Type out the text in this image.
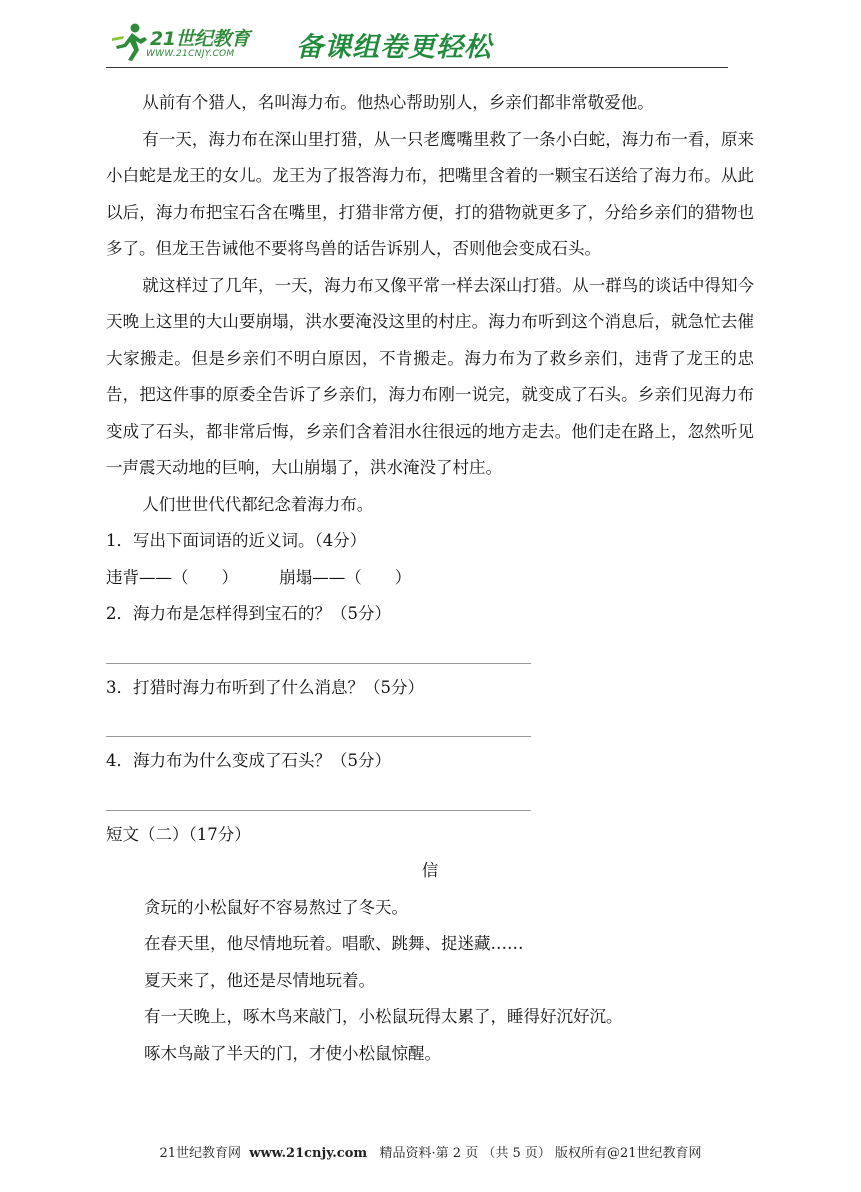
21世纪教育
WWW.21CNJY.COM 备课组卷更轻松

从前有个猎人，名叫海力布。他热心帮助别人，乡亲们都非常敬爱他。

有一天，海力布在深山里打猎，从一只老鹰嘴里救了一条小白蛇，海力布一看，原来小白蛇是龙王的女儿。龙王为了报答海力布，把嘴里含着的一颗宝石送给了海力布。从此以后，海力布把宝石含在嘴里，打猎非常方便，打的猎物就更多了，分给乡亲们的猎物也多了。但龙王告诫他不要将鸟兽的话告诉别人，否则他会变成石头。

就这样过了几年，一天，海力布又像平常一样去深山打猎。从一群鸟的谈话中得知今天晚上这里的大山要崩塌，洪水要淹没这里的村庄。海力布听到这个消息后，就急忙去催大家搬走。但是乡亲们不明白原因，不肯搬走。海力布为了救乡亲们，违背了龙王的忠告，把这件事的原委全告诉了乡亲们，海力布刚一说完，就变成了石头。乡亲们见海力布变成了石头，都非常后悔，乡亲们含着泪水往很远的地方走去。他们走在路上，忽然听见一声震天动地的巨响，大山崩塌了，洪水淹没了村庄。

人们世世代代都纪念着海力布。

1．写出下面词语的近义词。（4分）

违背——（　　）　　　崩塌——（　　）

2．海力布是怎样得到宝石的？（5分）

3．打猎时海力布听到了什么消息？（5分）

4．海力布为什么变成了石头？（5分）

短文（二）（17分）

信

贪玩的小松鼠好不容易熬过了冬天。

在春天里，他尽情地玩着。唱歌、跳舞、捉迷藏……

夏天来了，他还是尽情地玩着。

有一天晚上，啄木鸟来敲门，小松鼠玩得太累了，睡得好沉好沉。

啄木鸟敲了半天的门，才使小松鼠惊醒。

21世纪教育网 www.21cnjy.com 精品资料·第 2 页 （共 5 页） 版权所有@21世纪教育网
